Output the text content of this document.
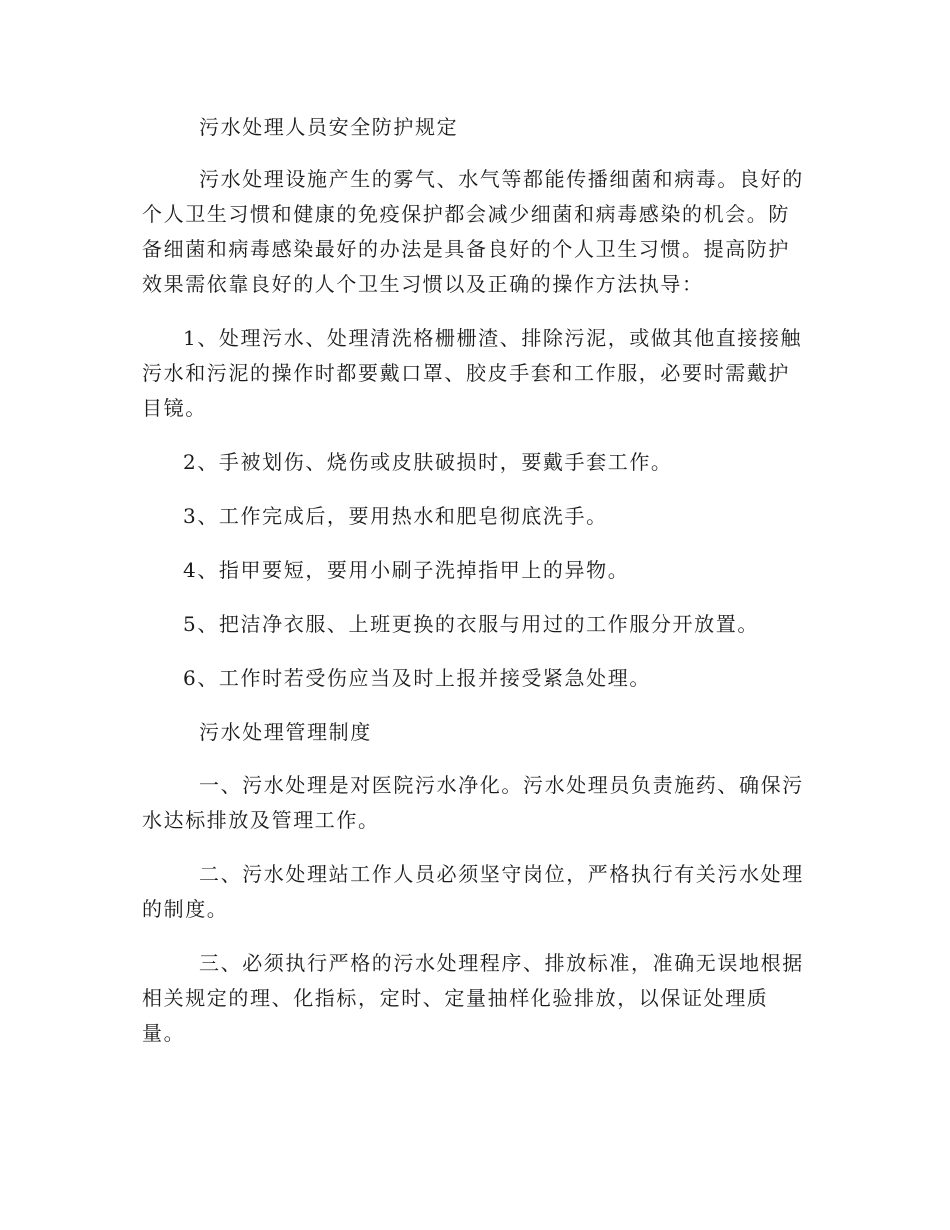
污水处理人员安全防护规定

污水处理设施产生的雾气、水气等都能传播细菌和病毒。良好的

个人卫生习惯和健康的免疫保护都会减少细菌和病毒感染的机会。防

备细菌和病毒感染最好的办法是具备良好的个人卫生习惯。提高防护

效果需依靠良好的人个卫生习惯以及正确的操作方法执导：

1、处理污水、处理清洗格栅栅渣、排除污泥，或做其他直接接触

污水和污泥的操作时都要戴口罩、胶皮手套和工作服，必要时需戴护

目镜。

2、手被划伤、烧伤或皮肤破损时，要戴手套工作。

3、工作完成后，要用热水和肥皂彻底洗手。

4、指甲要短，要用小刷子洗掉指甲上的异物。

5、把洁净衣服、上班更换的衣服与用过的工作服分开放置。

6、工作时若受伤应当及时上报并接受紧急处理。

污水处理管理制度

一、污水处理是对医院污水净化。污水处理员负责施药、确保污

水达标排放及管理工作。

二、污水处理站工作人员必须坚守岗位，严格执行有关污水处理

的制度。

三、必须执行严格的污水处理程序、排放标准，准确无误地根据

相关规定的理、化指标，定时、定量抽样化验排放，以保证处理质

量。
